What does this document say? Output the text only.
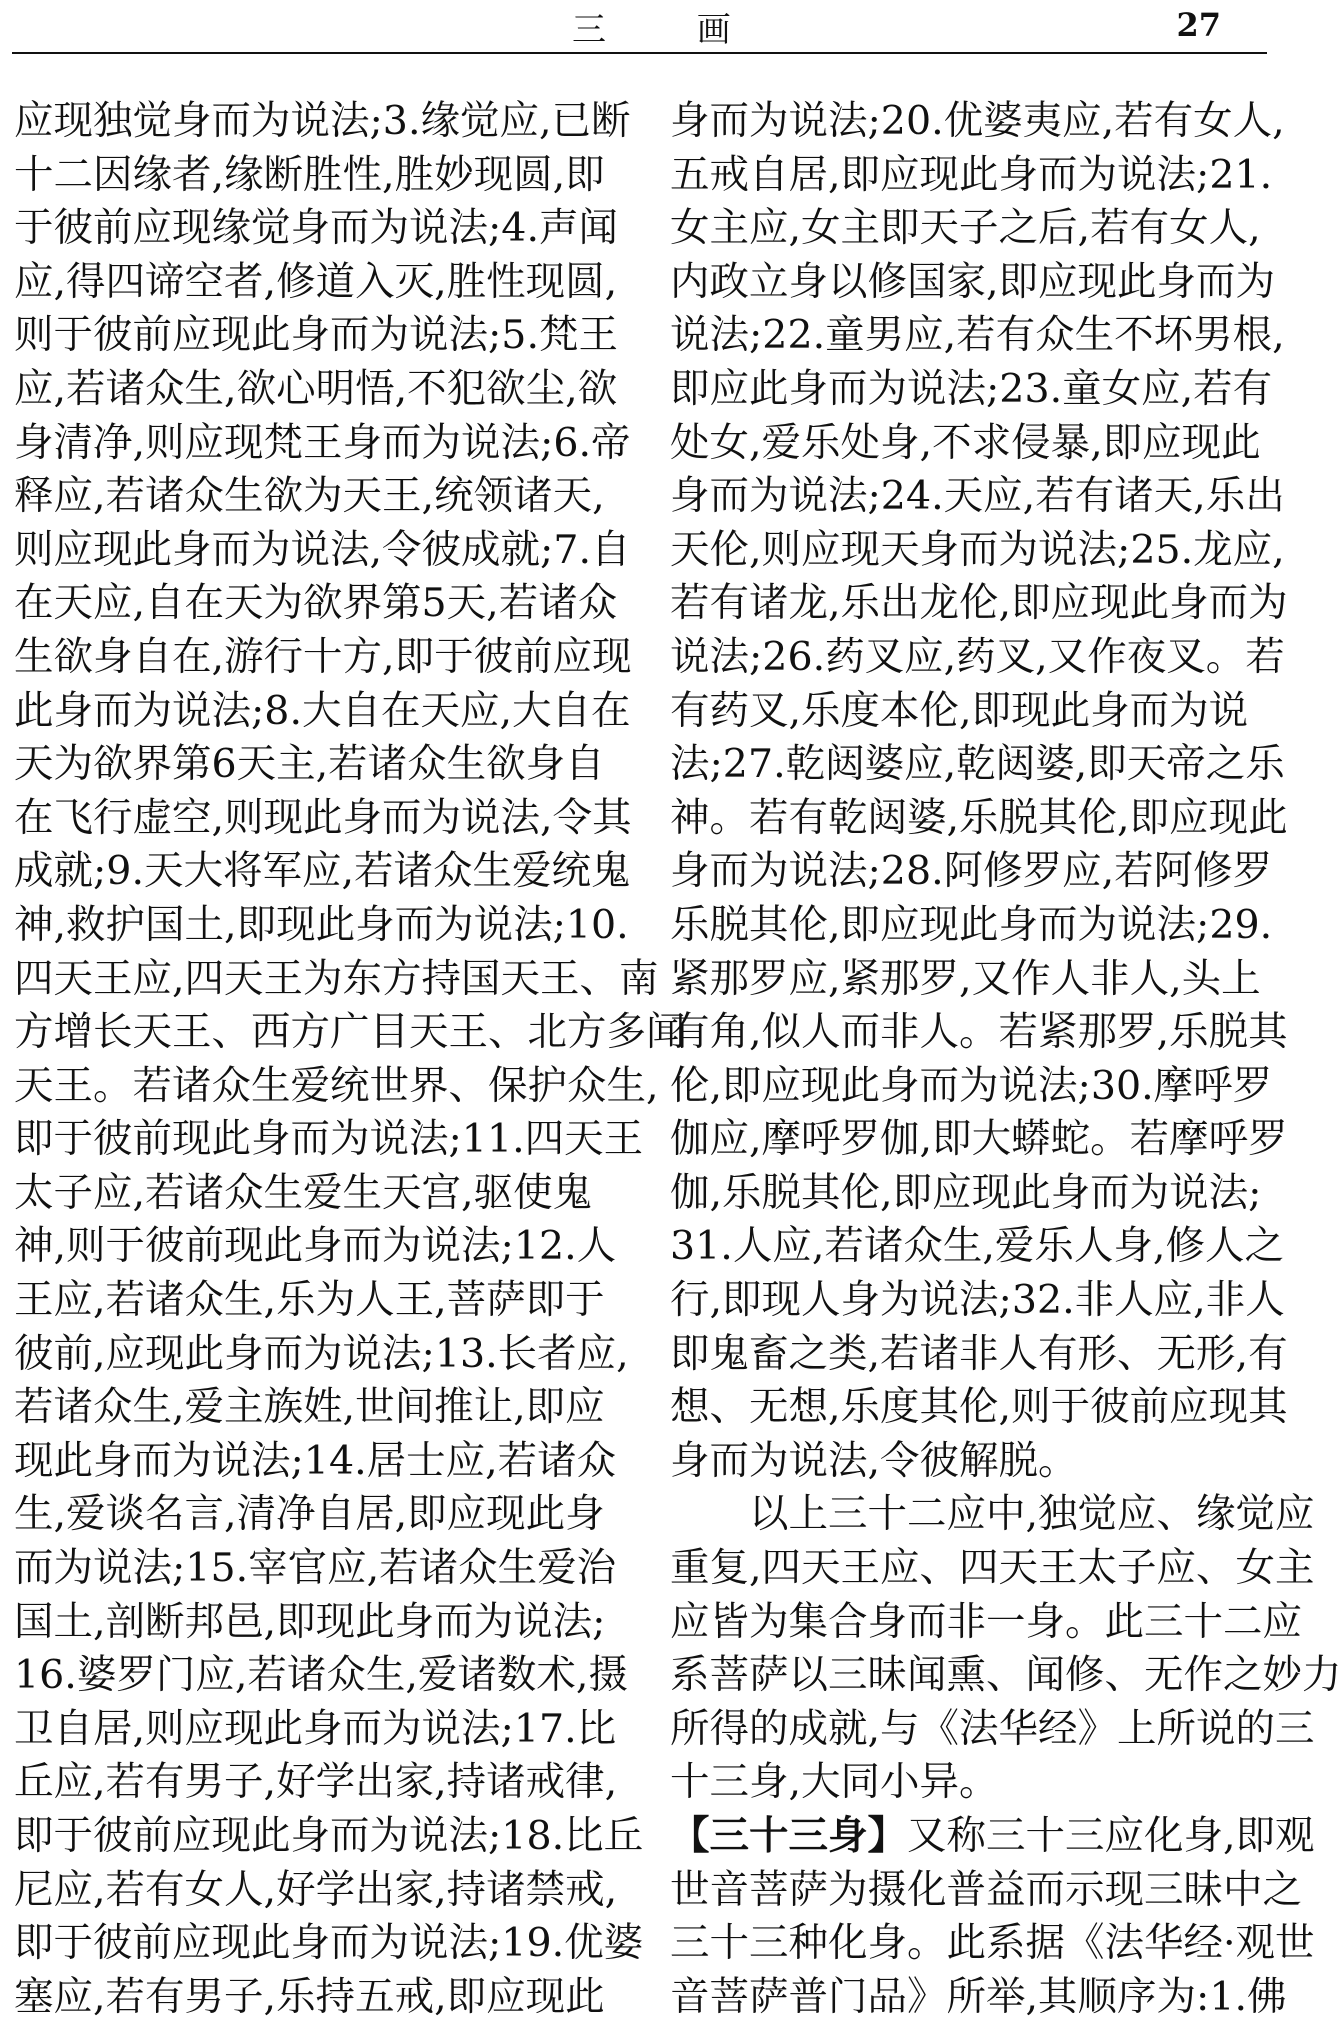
三 画	27
应现独觉身而为说法;3.缘觉应,已断
十二因缘者,缘断胜性,胜妙现圆,即
于彼前应现缘觉身而为说法;4.声闻
应,得四谛空者,修道入灭,胜性现圆,
则于彼前应现此身而为说法;5.梵王
应,若诸众生,欲心明悟,不犯欲尘,欲
身清净,则应现梵王身而为说法;6.帝
释应,若诸众生欲为天王,统领诸天,
则应现此身而为说法,令彼成就;7.自
在天应,自在天为欲界第5天,若诸众
生欲身自在,游行十方,即于彼前应现
此身而为说法;8.大自在天应,大自在
天为欲界第6天主,若诸众生欲身自
在飞行虚空,则现此身而为说法,令其
成就;9.天大将军应,若诸众生爱统鬼
神,救护国土,即现此身而为说法;10.
四天王应,四天王为东方持国天王、南
方增长天王、西方广目天王、北方多闻
天王。若诸众生爱统世界、保护众生,
即于彼前现此身而为说法;11.四天王
太子应,若诸众生爱生天宫,驱使鬼
神,则于彼前现此身而为说法;12.人
王应,若诸众生,乐为人王,菩萨即于
彼前,应现此身而为说法;13.长者应,
若诸众生,爱主族姓,世间推让,即应
现此身而为说法;14.居士应,若诸众
生,爱谈名言,清净自居,即应现此身
而为说法;15.宰官应,若诸众生爱治
国土,剖断邦邑,即现此身而为说法;
16.婆罗门应,若诸众生,爱诸数术,摄
卫自居,则应现此身而为说法;17.比
丘应,若有男子,好学出家,持诸戒律,
即于彼前应现此身而为说法;18.比丘
尼应,若有女人,好学出家,持诸禁戒,
即于彼前应现此身而为说法;19.优婆
塞应,若有男子,乐持五戒,即应现此
身而为说法;20.优婆夷应,若有女人,
五戒自居,即应现此身而为说法;21.
女主应,女主即天子之后,若有女人,
内政立身以修国家,即应现此身而为
说法;22.童男应,若有众生不坏男根,
即应此身而为说法;23.童女应,若有
处女,爱乐处身,不求侵暴,即应现此
身而为说法;24.天应,若有诸天,乐出
天伦,则应现天身而为说法;25.龙应,
若有诸龙,乐出龙伦,即应现此身而为
说法;26.药叉应,药叉,又作夜叉。若
有药叉,乐度本伦,即现此身而为说
法;27.乾闼婆应,乾闼婆,即天帝之乐
神。若有乾闼婆,乐脱其伦,即应现此
身而为说法;28.阿修罗应,若阿修罗
乐脱其伦,即应现此身而为说法;29.
紧那罗应,紧那罗,又作人非人,头上
有角,似人而非人。若紧那罗,乐脱其
伦,即应现此身而为说法;30.摩呼罗
伽应,摩呼罗伽,即大蟒蛇。若摩呼罗
伽,乐脱其伦,即应现此身而为说法;
31.人应,若诸众生,爱乐人身,修人之
行,即现人身为说法;32.非人应,非人
即鬼畜之类,若诸非人有形、无形,有
想、无想,乐度其伦,则于彼前应现其
身而为说法,令彼解脱。
以上三十二应中,独觉应、缘觉应
重复,四天王应、四天王太子应、女主
应皆为集合身而非一身。此三十二应
系菩萨以三昧闻熏、闻修、无作之妙力
所得的成就,与《法华经》上所说的三
十三身,大同小异。
【三十三身】又称三十三应化身,即观
世音菩萨为摄化普益而示现三昧中之
三十三种化身。此系据《法华经·观世
音菩萨普门品》所举,其顺序为:1.佛
